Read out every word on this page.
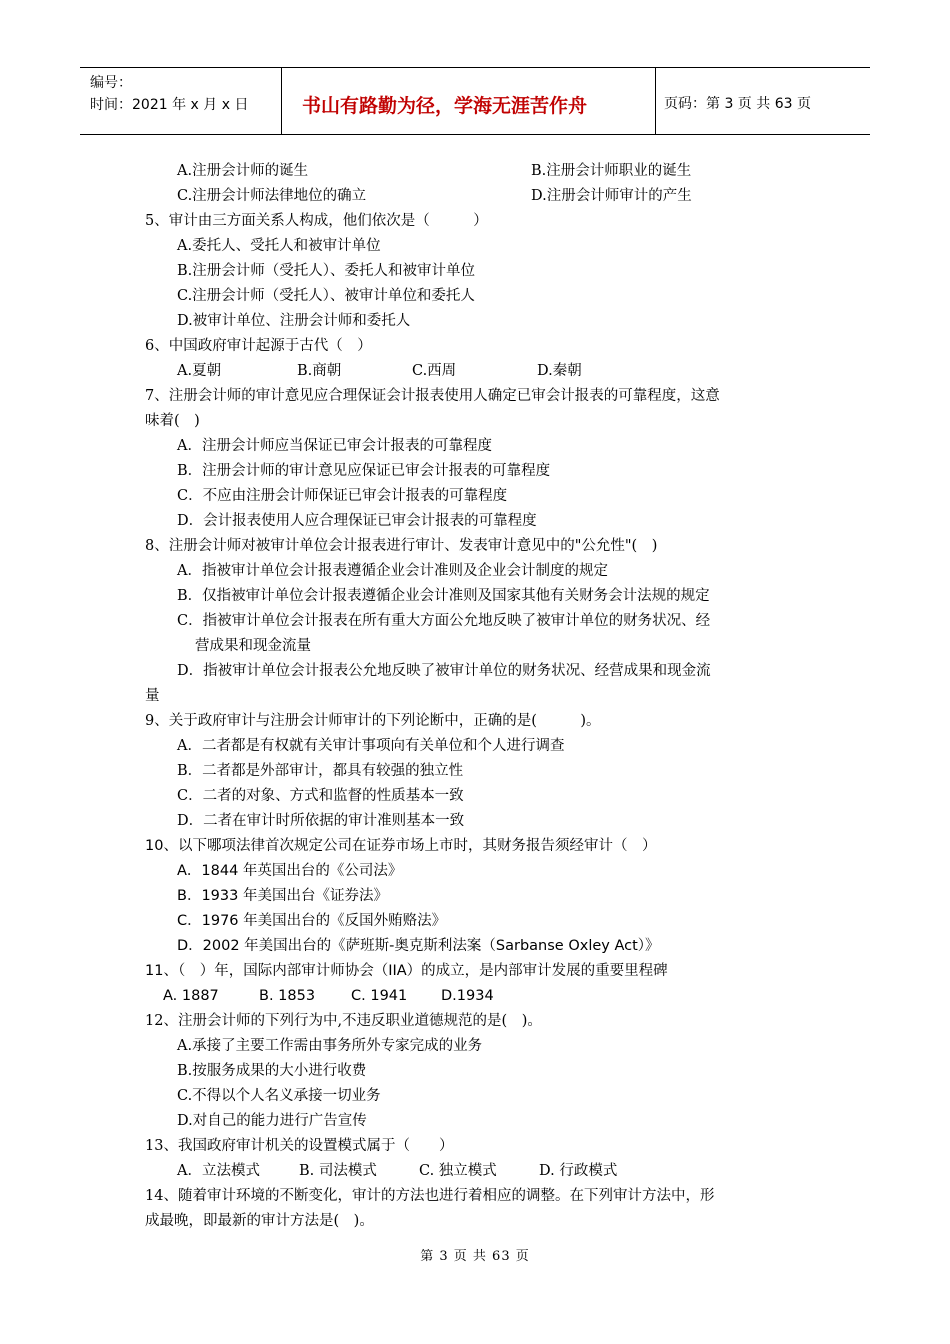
编号：
时间：2021 年 x 月 x 日	书山有路勤为径，学海无涯苦作舟	页码：第 3 页 共 63 页
A.注册会计师的诞生	B.注册会计师职业的诞生
C.注册会计师法律地位的确立	D.注册会计师审计的产生
5、审计由三方面关系人构成，他们依次是（　　　）
A.委托人、受托人和被审计单位
B.注册会计师（受托人）、委托人和被审计单位
C.注册会计师（受托人）、被审计单位和委托人
D.被审计单位、注册会计师和委托人
6、中国政府审计起源于古代（　）
A.夏朝	B.商朝	C.西周	D.秦朝
7、注册会计师的审计意见应合理保证会计报表使用人确定已审会计报表的可靠程度，这意
味着(　)
A．注册会计师应当保证已审会计报表的可靠程度
B．注册会计师的审计意见应保证已审会计报表的可靠程度
C．不应由注册会计师保证已审会计报表的可靠程度
D．会计报表使用人应合理保证已审会计报表的可靠程度
8、注册会计师对被审计单位会计报表进行审计、发表审计意见中的"公允性"(　)
A．指被审计单位会计报表遵循企业会计准则及企业会计制度的规定
B．仅指被审计单位会计报表遵循企业会计准则及国家其他有关财务会计法规的规定
C．指被审计单位会计报表在所有重大方面公允地反映了被审计单位的财务状况、经
营成果和现金流量
D．指被审计单位会计报表公允地反映了被审计单位的财务状况、经营成果和现金流
量
9、关于政府审计与注册会计师审计的下列论断中，正确的是(　　　)。
A．二者都是有权就有关审计事项向有关单位和个人进行调查
B．二者都是外部审计，都具有较强的独立性
C．二者的对象、方式和监督的性质基本一致
D．二者在审计时所依据的审计准则基本一致
10、以下哪项法律首次规定公司在证券市场上市时，其财务报告须经审计（　）
A．1844 年英国出台的《公司法》
B．1933 年美国出台《证券法》
C．1976 年美国出台的《反国外贿赂法》
D．2002 年美国出台的《萨班斯-奥克斯利法案（Sarbanse Oxley Act）》
11、（　）年，国际内部审计师协会（IIA）的成立，是内部审计发展的重要里程碑
A. 1887	B. 1853 C. 1941 D.1934
12、注册会计师的下列行为中,不违反职业道德规范的是(　)。
A.承接了主要工作需由事务所外专家完成的业务
B.按服务成果的大小进行收费
C.不得以个人名义承接一切业务
D.对自己的能力进行广告宣传
13、我国政府审计机关的设置模式属于（　　）
A．立法模式	B. 司法模式	C. 独立模式	D. 行政模式
14、随着审计环境的不断变化，审计的方法也进行着相应的调整。在下列审计方法中，形
成最晚，即最新的审计方法是(　)。
第 3 页 共 63 页
